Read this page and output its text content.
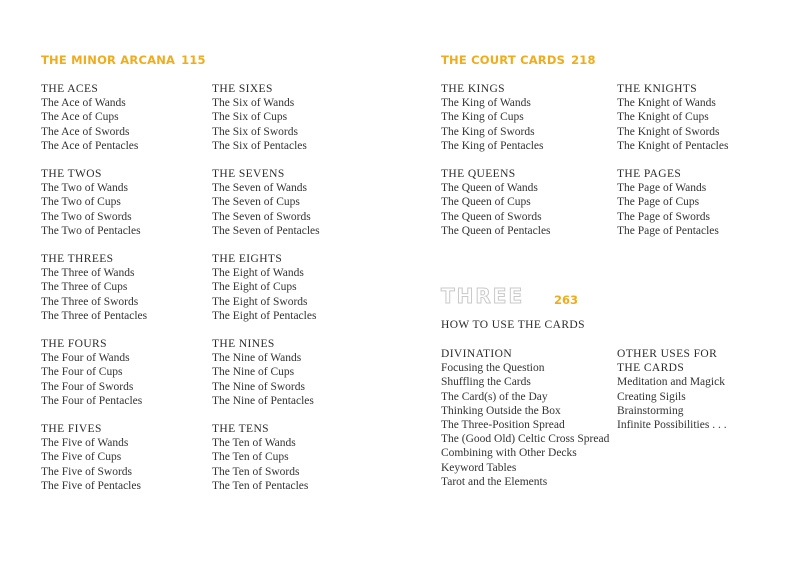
THE MINOR ARCANA 115
THE ACES
The Ace of Wands
The Ace of Cups
The Ace of Swords
The Ace of Pentacles
THE TWOS
The Two of Wands
The Two of Cups
The Two of Swords
The Two of Pentacles
THE THREES
The Three of Wands
The Three of Cups
The Three of Swords
The Three of Pentacles
THE FOURS
The Four of Wands
The Four of Cups
The Four of Swords
The Four of Pentacles
THE FIVES
The Five of Wands
The Five of Cups
The Five of Swords
The Five of Pentacles
THE SIXES
The Six of Wands
The Six of Cups
The Six of Swords
The Six of Pentacles
THE SEVENS
The Seven of Wands
The Seven of Cups
The Seven of Swords
The Seven of Pentacles
THE EIGHTS
The Eight of Wands
The Eight of Cups
The Eight of Swords
The Eight of Pentacles
THE NINES
The Nine of Wands
The Nine of Cups
The Nine of Swords
The Nine of Pentacles
THE TENS
The Ten of Wands
The Ten of Cups
The Ten of Swords
The Ten of Pentacles
THE COURT CARDS 218
THE KINGS
The King of Wands
The King of Cups
The King of Swords
The King of Pentacles
THE QUEENS
The Queen of Wands
The Queen of Cups
The Queen of Swords
The Queen of Pentacles
THE KNIGHTS
The Knight of Wands
The Knight of Cups
The Knight of Swords
The Knight of Pentacles
THE PAGES
The Page of Wands
The Page of Cups
The Page of Swords
The Page of Pentacles
THREE	263
HOW TO USE THE CARDS
DIVINATION
Focusing the Question
Shuffling the Cards
The Card(s) of the Day
Thinking Outside the Box
The Three-Position Spread
The (Good Old) Celtic Cross Spread
Combining with Other Decks
Keyword Tables
Tarot and the Elements
OTHER USES FOR
THE CARDS
Meditation and Magick
Creating Sigils
Brainstorming
Infinite Possibilities . . .
